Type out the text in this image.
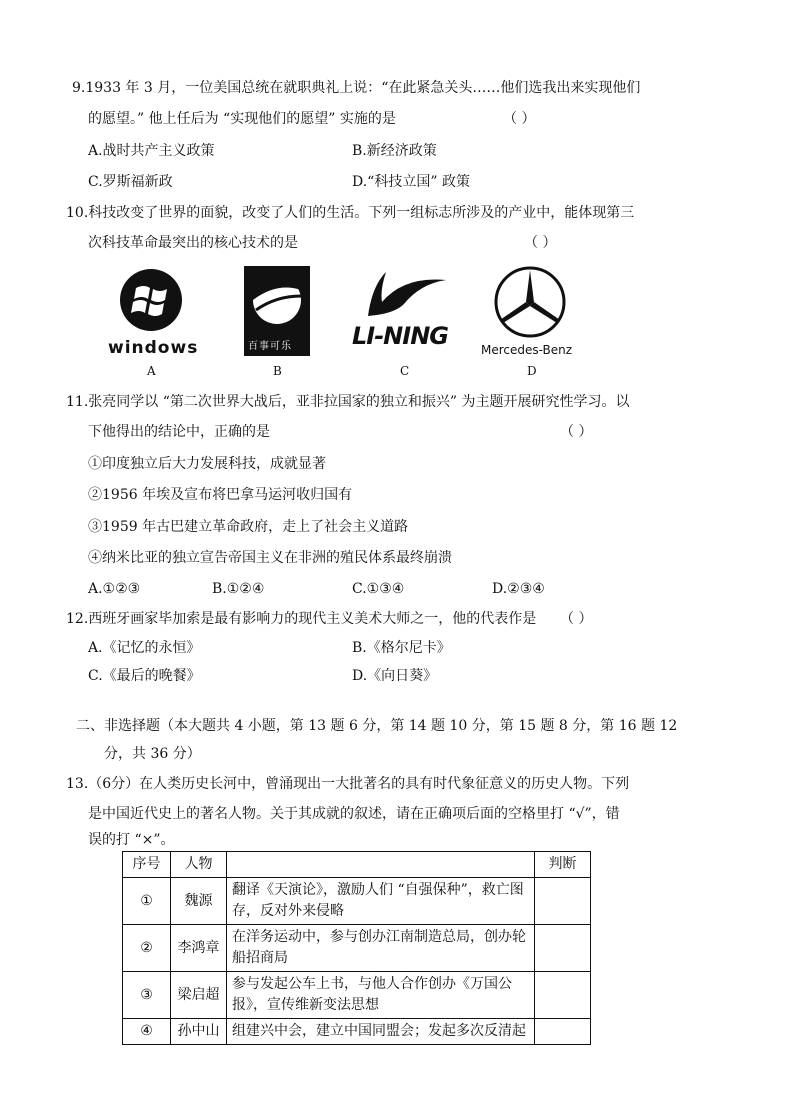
9.1933 年 3 月，一位美国总统在就职典礼上说：“在此紧急关头……他们选我出来实现他们
的愿望。” 他上任后为 “实现他们的愿望” 实施的是	（ ）
A.战时共产主义政策	B.新经济政策
C.罗斯福新政	D.“科技立国” 政策
10.科技改变了世界的面貌，改变了人们的生活。下列一组标志所涉及的产业中，能体现第三
次科技革命最突出的核心技术的是	（ ）
windows
A
百事可乐
B
LI-NING
C
Mercedes-Benz
D
11.张亮同学以 “第二次世界大战后，亚非拉国家的独立和振兴” 为主题开展研究性学习。以
下他得出的结论中，正确的是	（ ）
①印度独立后大力发展科技，成就显著
②1956 年埃及宣布将巴拿马运河收归国有
③1959 年古巴建立革命政府，走上了社会主义道路
④纳米比亚的独立宣告帝国主义在非洲的殖民体系最终崩溃
A.①②③	B.①②④	C.①③④	D.②③④
12.西班牙画家毕加索是最有影响力的现代主义美术大师之一，他的代表作是 （ ）
A.《记忆的永恒》	B.《格尔尼卡》
C.《最后的晚餐》	D.《向日葵》
二、非选择题（本大题共 4 小题，第 13 题 6 分，第 14 题 10 分，第 15 题 8 分，第 16 题 12
分，共 36 分）
13.（6分）在人类历史长河中，曾涌现出一大批著名的具有时代象征意义的历史人物。下列
是中国近代史上的著名人物。关于其成就的叙述，请在正确项后面的空格里打 “√”，错
误的打 “×”。
序号	人物		判断
①	魏源	翻译《天演论》，激励人们 “自强保种”，救亡图存，反对外来侵略	
②	李鸿章	在洋务运动中，参与创办江南制造总局，创办轮船招商局	
③	梁启超	参与发起公车上书，与他人合作创办《万国公报》，宣传维新变法思想	
④	孙中山	组建兴中会，建立中国同盟会；发起多次反清起	
